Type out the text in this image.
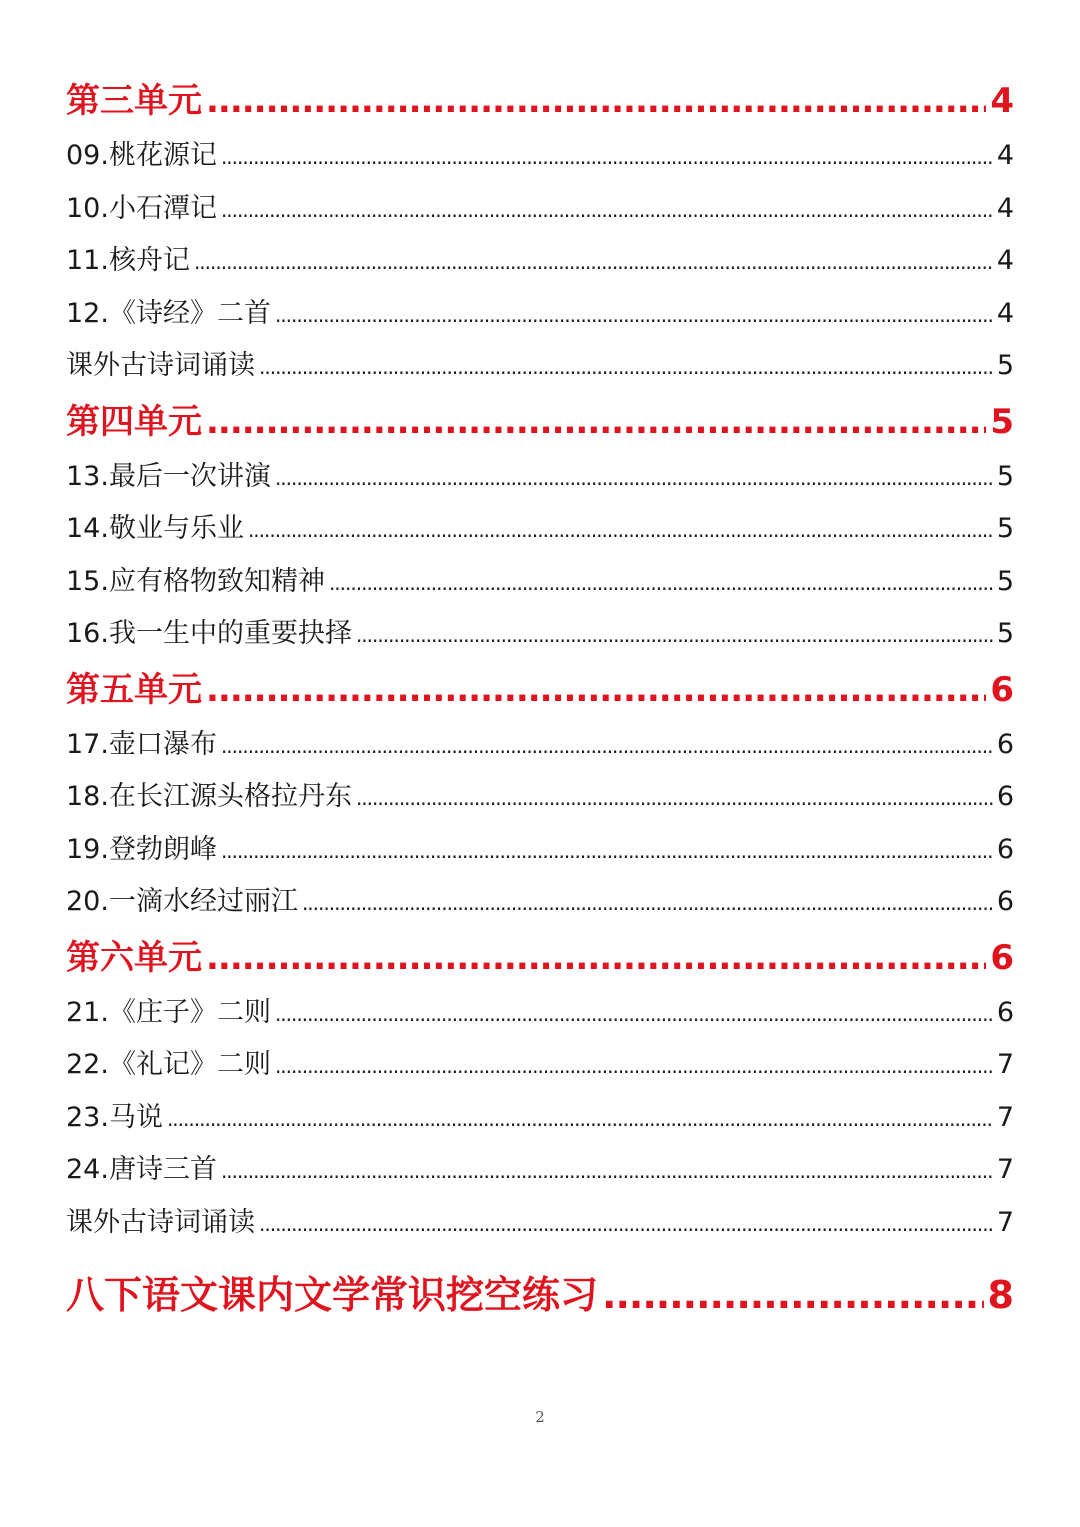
第三单元 .....	4
09.桃花源记 .....	4
10.小石潭记 .....	4
11.核舟记 .....	4
12.《诗经》二首 .....	4
课外古诗词诵读 .....	5
第四单元 .....	5
13.最后一次讲演 .....	5
14.敬业与乐业 .....	5
15.应有格物致知精神 .....	5
16.我一生中的重要抉择 .....	5
第五单元 .....	6
17.壶口瀑布 .....	6
18.在长江源头格拉丹东 .....	6
19.登勃朗峰 .....	6
20.一滴水经过丽江 .....	6
第六单元 .....	6
21.《庄子》二则 .....	6
22.《礼记》二则 .....	7
23.马说 .....	7
24.唐诗三首 .....	7
课外古诗词诵读 .....	7
八下语文课内文学常识挖空练习 .....	8
2
